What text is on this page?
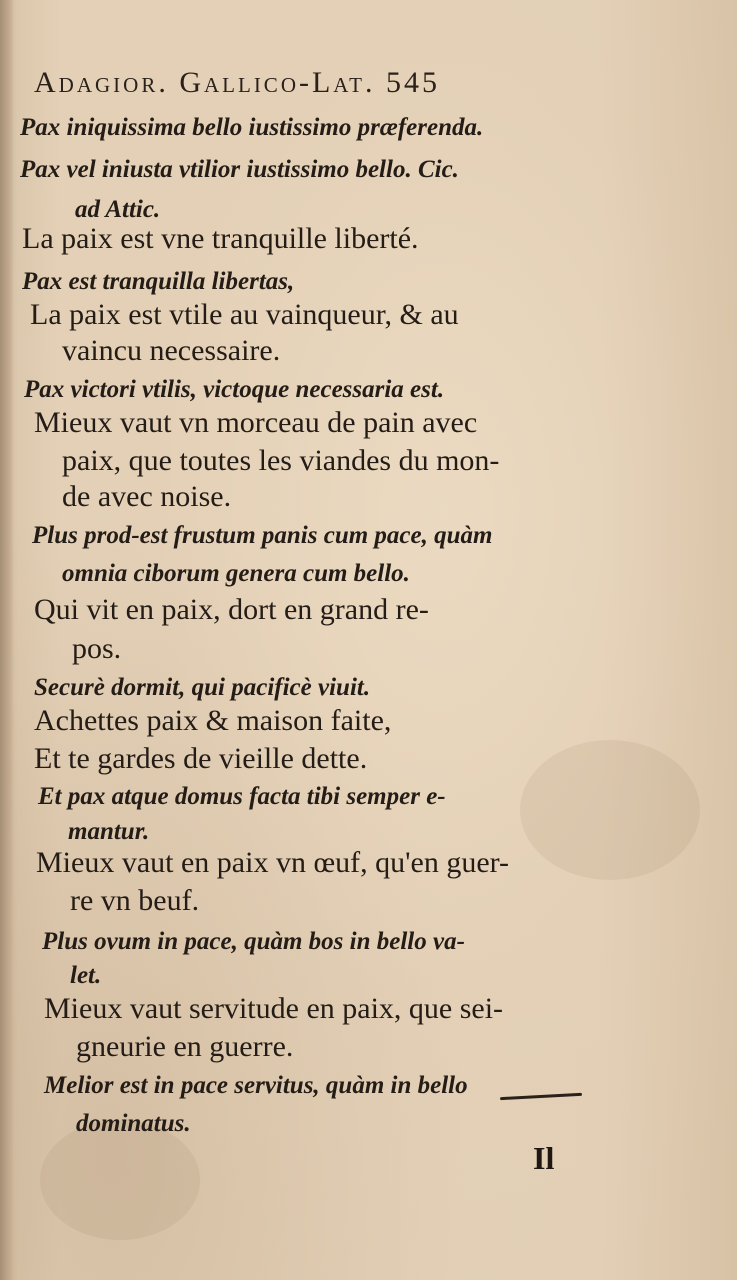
Adagior. Gallico-Lat. 545
Pax iniquissima bello iustissimo præferenda.
Pax vel iniusta vtilior iustissimo bello. Cic.
ad Attic.
La paix est vne tranquille liberté.
Pax est tranquilla libertas,
La paix est vtile au vainqueur, & au
vaincu necessaire.
Pax victori vtilis, victoque necessaria est.
Mieux vaut vn morceau de pain avec
paix, que toutes les viandes du mon-
de avec noise.
Plus prod-est frustum panis cum pace, quàm
omnia ciborum genera cum bello.
Qui vit en paix, dort en grand re-
pos.
Securè dormit, qui pacificè viuit.
Achettes paix & maison faite,
Et te gardes de vieille dette.
Et pax atque domus facta tibi semper e-
mantur.
Mieux vaut en paix vn œuf, qu'en guer-
re vn beuf.
Plus ovum in pace, quàm bos in bello va-
let.
Mieux vaut servitude en paix, que sei-
gneurie en guerre.
Melior est in pace servitus, quàm in bello
dominatus.
Il
